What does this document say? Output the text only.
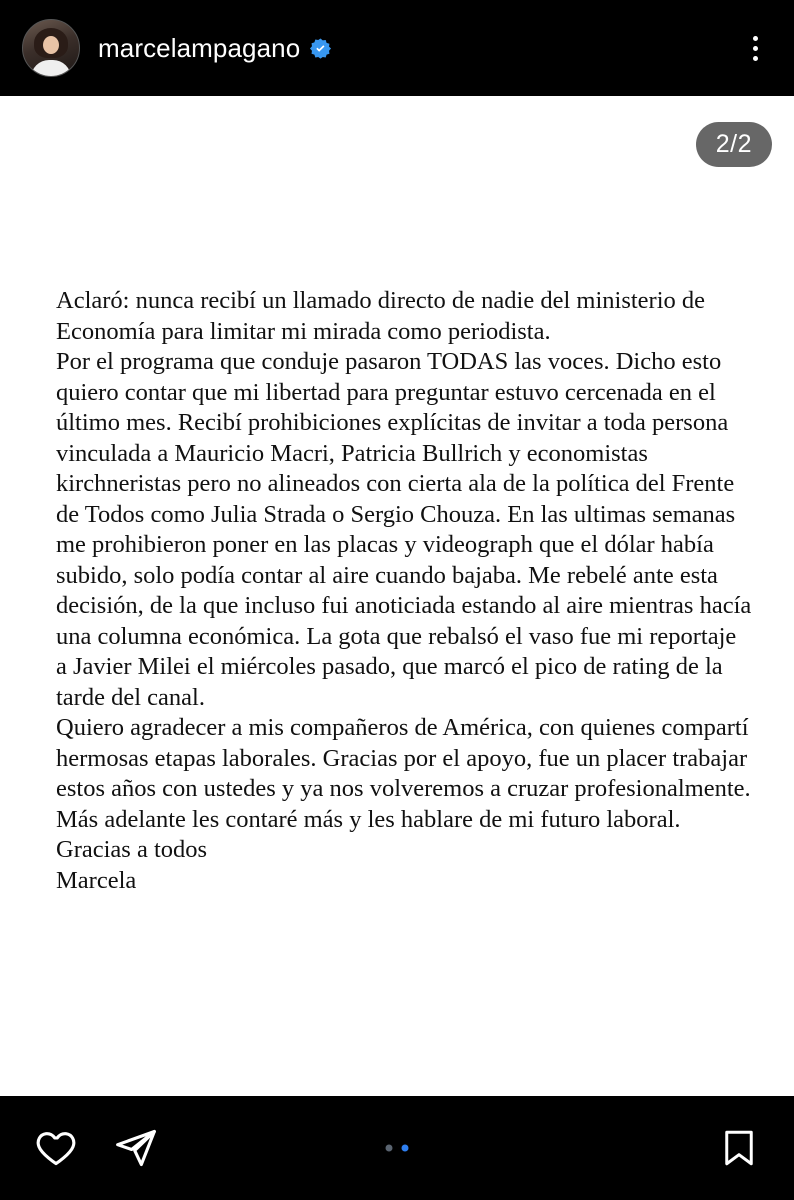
marcelampagano
2/2

Aclaró: nunca recibí un llamado directo de nadie del ministerio de Economía para limitar mi mirada como periodista.

Por el programa que conduje pasaron TODAS las voces. Dicho esto quiero contar que mi libertad para preguntar estuvo cercenada en el último mes. Recibí prohibiciones explícitas de invitar a toda persona vinculada a Mauricio Macri, Patricia Bullrich y economistas kirchneristas pero no alineados con cierta ala de la política del Frente de Todos como Julia Strada o Sergio Chouza. En las ultimas semanas me prohibieron poner en las placas y videograph que el dólar había subido, solo podía contar al aire cuando bajaba. Me rebelé ante esta decisión, de la que incluso fui anoticiada estando al aire mientras hacía una columna económica. La gota que rebalsó el vaso fue mi reportaje a Javier Milei el miércoles pasado, que marcó el pico de rating de la tarde del canal.

Quiero agradecer a mis compañeros de América, con quienes compartí hermosas etapas laborales. Gracias por el apoyo, fue un placer trabajar estos años con ustedes y ya nos volveremos a cruzar profesionalmente.

Más adelante les contaré más y les hablare de mi futuro laboral.

Gracias a todos

Marcela
